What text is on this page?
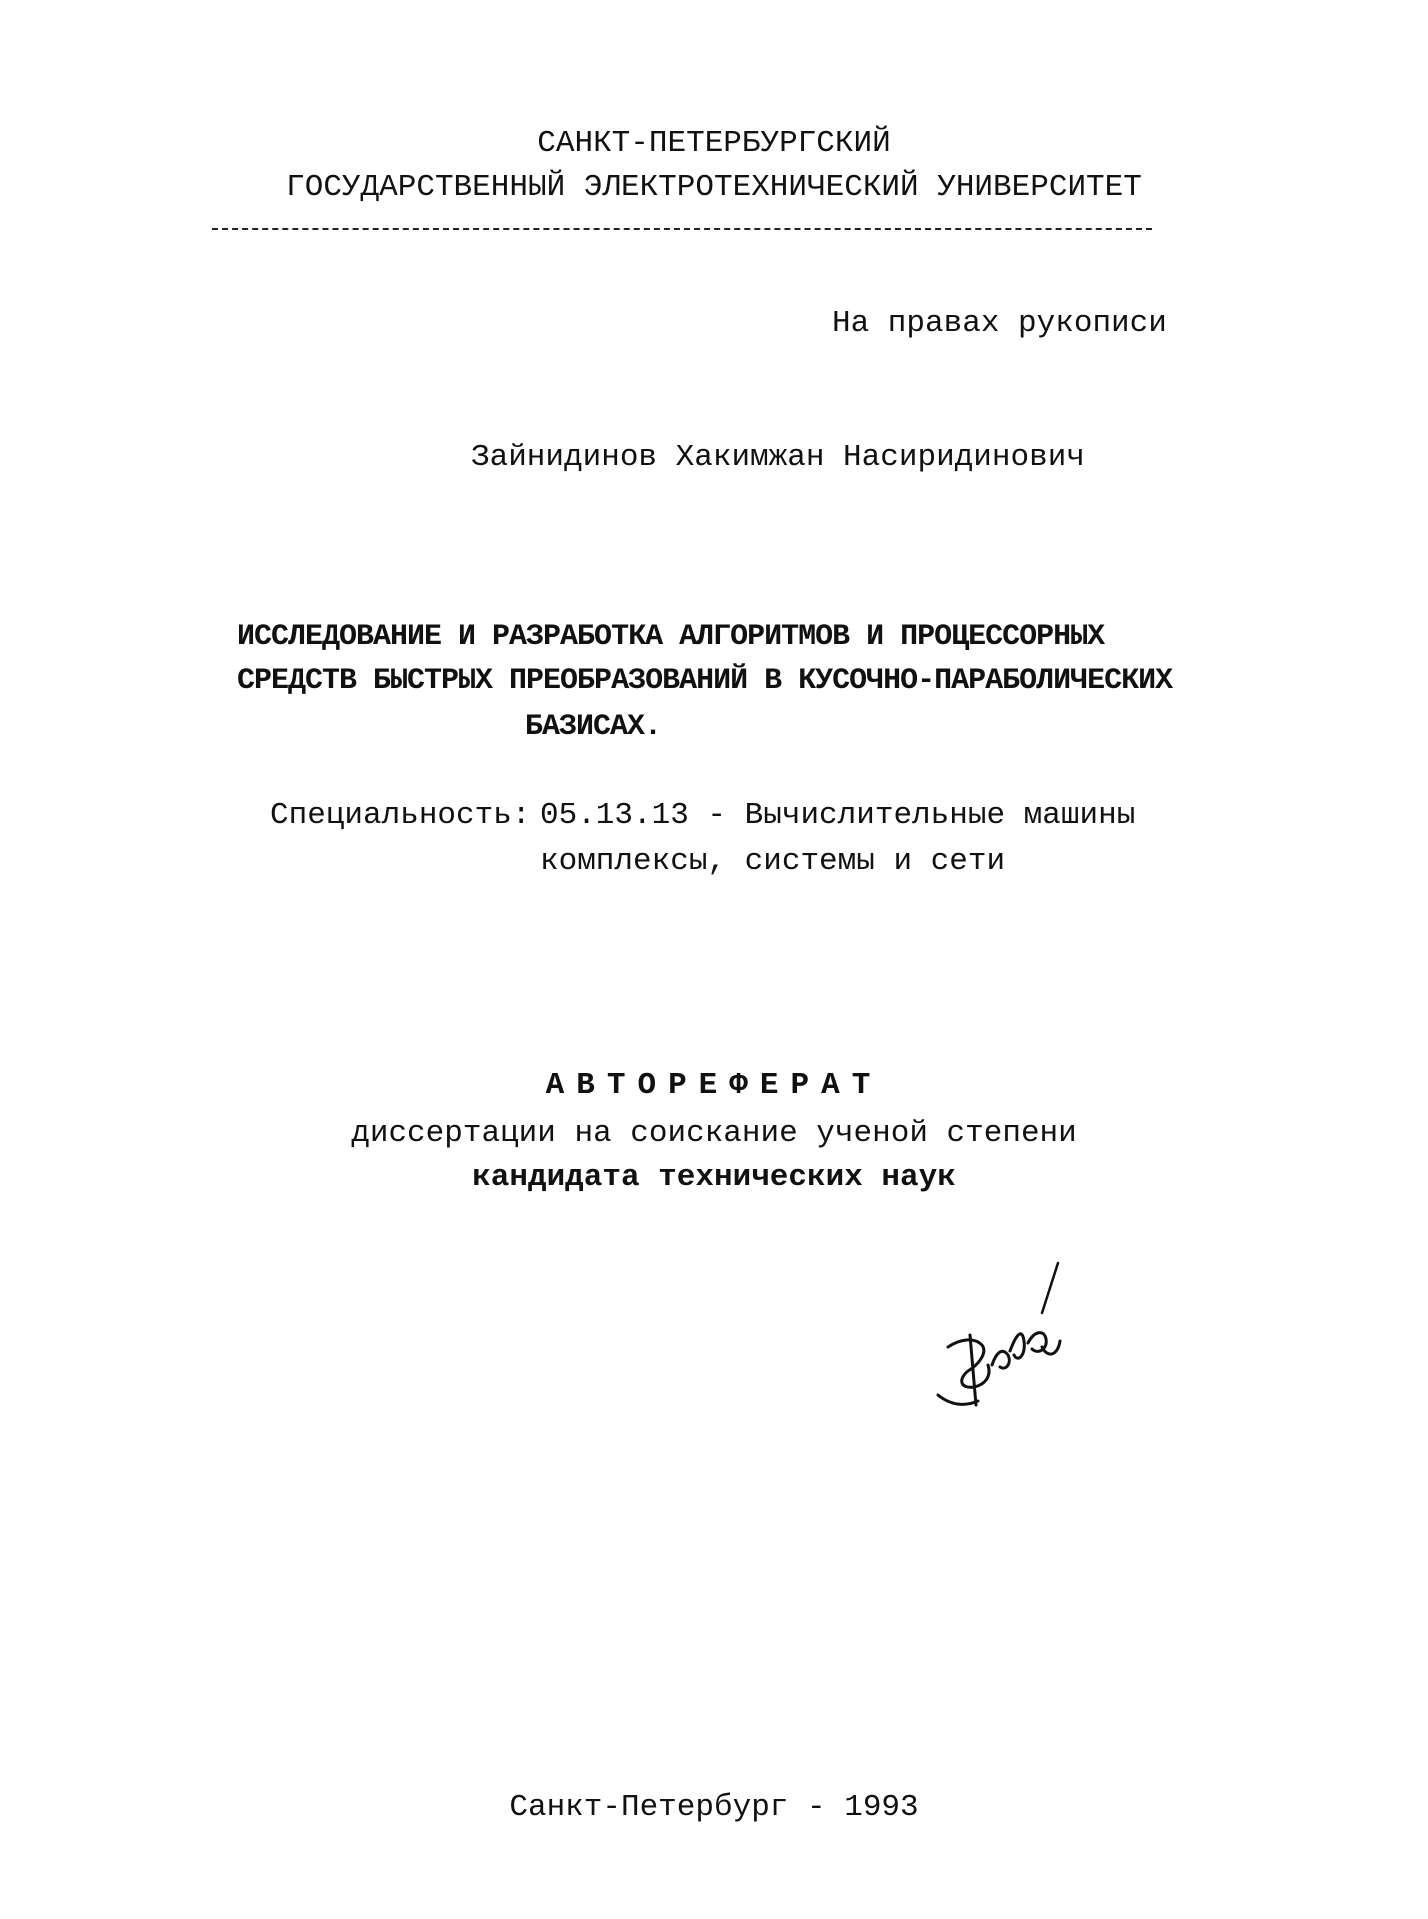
САНКТ-ПЕТЕРБУРГСКИЙ
ГОСУДАРСТВЕННЫЙ ЭЛЕКТРОТЕХНИЧЕСКИЙ УНИВЕРСИТЕТ
На правах рукописи
Зайнидинов Хакимжан Насиридинович
ИССЛЕДОВАНИЕ И РАЗРАБОТКА АЛГОРИТМОВ И ПРОЦЕССОРНЫХ
СРЕДСТВ БЫСТРЫХ ПРЕОБРАЗОВАНИЙ В КУСОЧНО-ПАРАБОЛИЧЕСКИХ
БАЗИСАХ.
Специальность: 05.13.13 - Вычислительные машины
комплексы, системы и сети
АВТОРЕФЕРАТ
диссертации на соискание ученой степени
кандидата технических наук
Санкт-Петербург - 1993
